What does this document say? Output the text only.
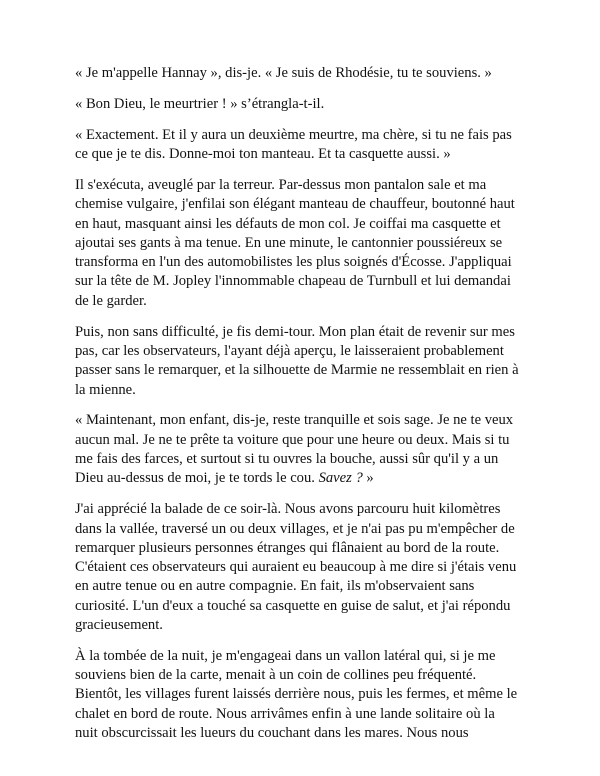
« Je m'appelle Hannay », dis-je. « Je suis de Rhodésie, tu te souviens. »

« Bon Dieu, le meurtrier ! » s’étrangla-t-il.

« Exactement. Et il y aura un deuxième meurtre, ma chère, si tu ne fais pas
ce que je te dis. Donne-moi ton manteau. Et ta casquette aussi. »

Il s'exécuta, aveuglé par la terreur. Par-dessus mon pantalon sale et ma
chemise vulgaire, j'enfilai son élégant manteau de chauffeur, boutonné haut
en haut, masquant ainsi les défauts de mon col. Je coiffai ma casquette et
ajoutai ses gants à ma tenue. En une minute, le cantonnier poussiéreux se
transforma en l'un des automobilistes les plus soignés d'Écosse. J'appliquai
sur la tête de M. Jopley l'innommable chapeau de Turnbull et lui demandai
de le garder.

Puis, non sans difficulté, je fis demi-tour. Mon plan était de revenir sur mes
pas, car les observateurs, l'ayant déjà aperçu, le laisseraient probablement
passer sans le remarquer, et la silhouette de Marmie ne ressemblait en rien à
la mienne.

« Maintenant, mon enfant, dis-je, reste tranquille et sois sage. Je ne te veux
aucun mal. Je ne te prête ta voiture que pour une heure ou deux. Mais si tu
me fais des farces, et surtout si tu ouvres la bouche, aussi sûr qu'il y a un
Dieu au-dessus de moi, je te tords le cou. Savez ? »

J'ai apprécié la balade de ce soir-là. Nous avons parcouru huit kilomètres
dans la vallée, traversé un ou deux villages, et je n'ai pas pu m'empêcher de
remarquer plusieurs personnes étranges qui flânaient au bord de la route.
C'étaient ces observateurs qui auraient eu beaucoup à me dire si j'étais venu
en autre tenue ou en autre compagnie. En fait, ils m'observaient sans
curiosité. L'un d'eux a touché sa casquette en guise de salut, et j'ai répondu
gracieusement.

À la tombée de la nuit, je m'engageai dans un vallon latéral qui, si je me
souviens bien de la carte, menait à un coin de collines peu fréquenté.
Bientôt, les villages furent laissés derrière nous, puis les fermes, et même le
chalet en bord de route. Nous arrivâmes enfin à une lande solitaire où la
nuit obscurcissait les lueurs du couchant dans les mares. Nous nous
